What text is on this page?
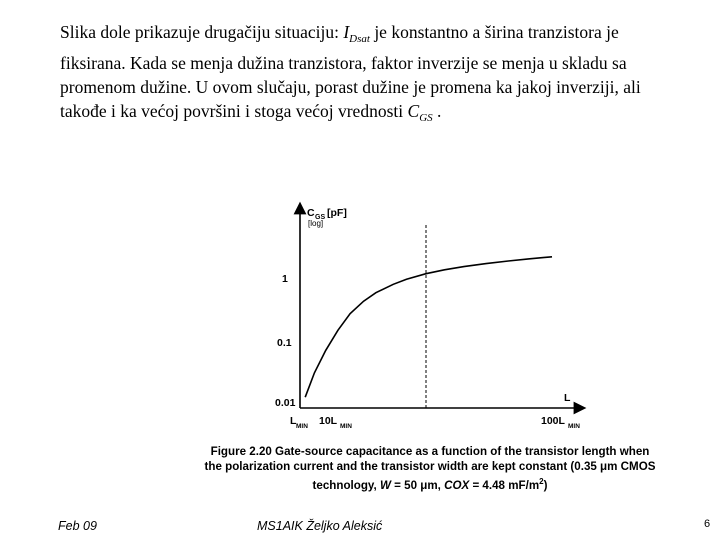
Slika dole prikazuje drugačiju situaciju: $I_{Dsat}$ je konstantno a širina tranzistora je
fiksirana. Kada se menja dužina tranzistora, faktor inverzije se menja u skladu sa
promenom dužine. U ovom slučaju, porast dužine je promena ka jakoj inverziji, ali
takođe i ka većoj površini i stoga većoj vrednosti $C_{GS}$ .
C GS [pF]
[log]
1
0.1
0.01	L
L MIN 10L MIN	100L MIN
Figure 2.20 Gate-source capacitance as a function of the transistor length when
the polarization current and the transistor width are kept constant (0.35 μm CMOS
technology, W = 50 μm, COX = 4.48 $mF/m^2$)
Feb 09	MS1AIK Željko Aleksić	6
